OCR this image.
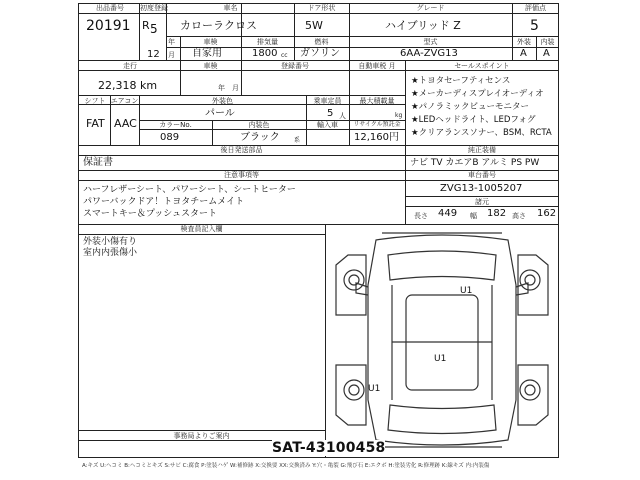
出品番号
20191
初度登録
R 5
年
12 月
車名
カローラクロス
ドア形状
5W
グレード
ハイブリッド Z
評価点
5
車検
自家用
排気量
1800 cc
燃料
ガソリン
型式
6AA-ZVG13
外装
A
内装
A
走行
22,318 km
車検
年 月
登録番号	自動車税 月
シフト
FAT
エアコン
AAC
外装色
パール
乗車定員
5 人
最大積載量
kg
カラーNo.
089
内装色
ブラック 系
輸入車	リサイクル預託金
12,160円
後日発送部品
保証書
セールスポイント
★トヨタセーフティセンス
★メーカーディスプレイオーディオ
★パノラミックビューモニター
★LEDヘッドライト、LEDフォグ
★クリアランスソナー、BSM、RCTA
純正装備
ナビ TV カエアB アルミ PS PW
注意事項等
ハーフレザーシート、パワーシート、シートヒーター
パワーバックドア！トヨタチームメイト
スマートキー＆プッシュスタート
車台番号
ZVG13-1005207
諸元
長さ 449 幅 182 高さ 162
検査員記入欄
外装小傷有り
室内内張傷小
事務局よりご案内
U1
U1
U1
SAT-43100458
A:キズ U:ヘコミ B:ヘコミとキズ S:サビ C:腐食 P:塗装ハゲ W:補修跡 X:交換要 XX:交換済み Y:穴・亀裂 G:飛び石 E:エクボ H:塗装劣化 R:修理跡 K:線キズ 内:内装傷
